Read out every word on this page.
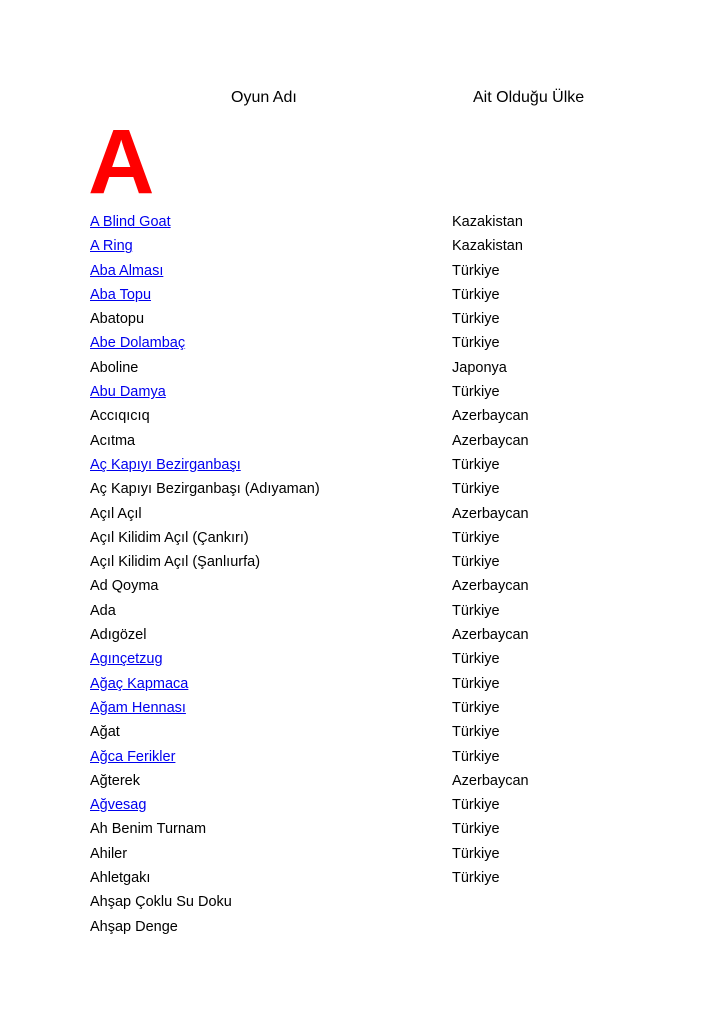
Oyun Adı	Ait Olduğu Ülke
A
A Blind Goat	Kazakistan
A Ring	Kazakistan
Aba Alması	Türkiye
Aba Topu	Türkiye
Abatopu	Türkiye
Abe Dolambaç	Türkiye
Aboline	Japonya
Abu Damya	Türkiye
Accıqıcıq	Azerbaycan
Acıtma	Azerbaycan
Aç Kapıyı Bezirganbaşı	Türkiye
Aç Kapıyı Bezirganbaşı (Adıyaman)	Türkiye
Açıl Açıl	Azerbaycan
Açıl Kilidim Açıl (Çankırı)	Türkiye
Açıl Kilidim Açıl (Şanlıurfa)	Türkiye
Ad Qoyma	Azerbaycan
Ada	Türkiye
Adıgözel	Azerbaycan
Agınçetzug	Türkiye
Ağaç Kapmaca	Türkiye
Ağam Hennası	Türkiye
Ağat	Türkiye
Ağca Ferikler	Türkiye
Ağterek	Azerbaycan
Ağvesag	Türkiye
Ah Benim Turnam	Türkiye
Ahiler	Türkiye
Ahletgakı	Türkiye
Ahşap Çoklu Su Doku
Ahşap Denge
